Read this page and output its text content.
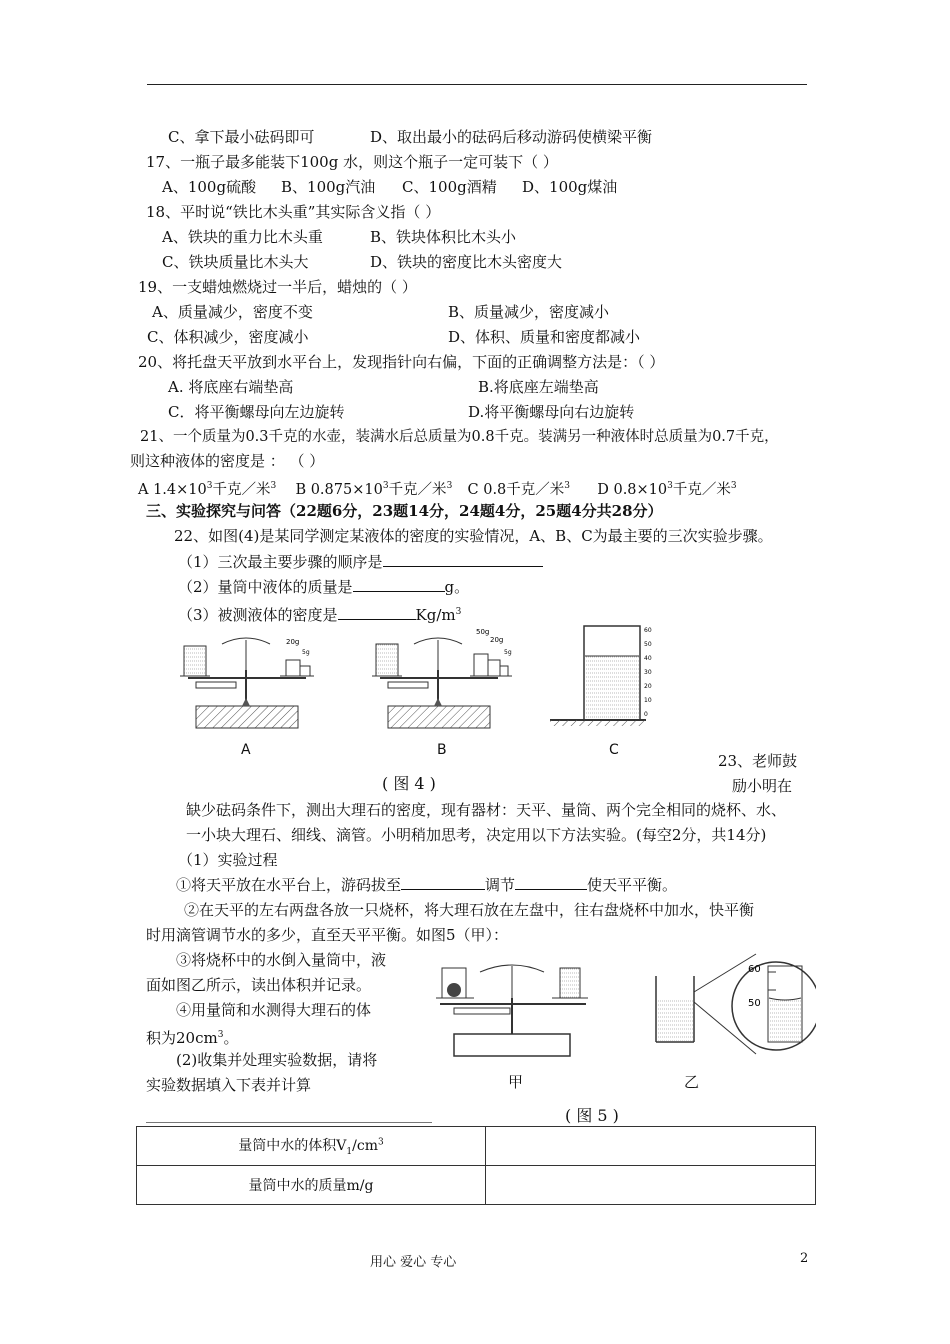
C、拿下最小砝码即可	D、取出最小的砝码后移动游码使横梁平衡
17、一瓶子最多能装下100g 水，则这个瓶子一定可装下（ ）
A、100g硫酸 B、100g汽油 C、100g酒精 D、100g煤油
18、平时说“铁比木头重”其实际含义指（ ）
A、铁块的重力比木头重	B、铁块体积比木头小
C、铁块质量比木头大	D、铁块的密度比木头密度大
19、一支蜡烛燃烧过一半后，蜡烛的（ ）
A、质量减少，密度不变	B、质量减少，密度减小
C、体积减少，密度减小	D、体积、质量和密度都减小
20、将托盘天平放到水平台上，发现指针向右偏，下面的正确调整方法是：（ ）
A. 将底座右端垫高	B.将底座左端垫高
C．将平衡螺母向左边旋转	D.将平衡螺母向右边旋转
21、一个质量为0.3千克的水壶，装满水后总质量为0.8千克。装满另一种液体时总质量为0.7千克，
则这种液体的密度是 ： （ ）
A $1.4\times 10^3$千克／米$^3$ B $0.875\times 10^3$千克／米$^3$ C 0.8千克／米$^3$ D $0.8\times 10^3$千克／米$^3$
三、实验探究与问答（22题6分，23题14分，24题4分，25题4分共28分）
22、如图(4)是某同学测定某液体的密度的实验情况，A、B、C为最主要的三次实验步骤。
（1）三次最主要步骤的顺序是
（2）量筒中液体的质量是	g。
（3）被测液体的密度是	$Kg/m^3$
20g
5g
50g
20g
5g
60
50
40
30
20
10
0
A	B	C
( 图 4 )
23、老师鼓
励小明在
缺少砝码条件下，测出大理石的密度，现有器材：天平、量筒、两个完全相同的烧杯、水、
一小块大理石、细线、滴管。小明稍加思考，决定用以下方法实验。(每空2分，共14分)
（1）实验过程
①将天平放在水平台上，游码拔至	调节	使天平平衡。
②在天平的左右两盘各放一只烧杯，将大理石放在左盘中，往右盘烧杯中加水，快平衡
时用滴管调节水的多少，直至天平平衡。如图5（甲）：
③将烧杯中的水倒入量筒中，液
面如图乙所示，读出体积并记录。
④用量筒和水测得大理石的体
积为$20cm^3$。
(2)收集并处理实验数据，请将
实验数据填入下表并计算
60
50
甲	乙
( 图 5 )
量筒中水的体积$V_1/cm^3$	
量筒中水的质量m/g	
用心 爱心 专心	2
